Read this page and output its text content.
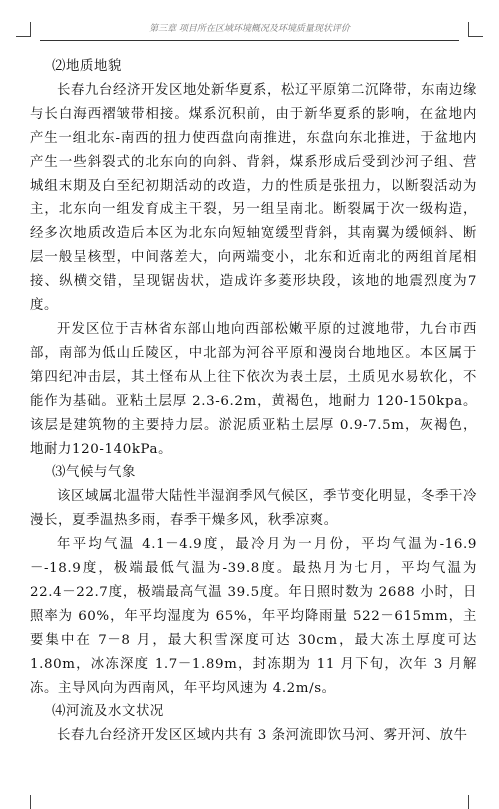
第三章 项目所在区域环境概况及环境质量现状评价

⑵地质地貌

长春九台经济开发区地处新华夏系，松辽平原第二沉降带，东南边缘与长白海西褶皱带相接。煤系沉积前，由于新华夏系的影响，在盆地内产生一组北东-南西的扭力使西盘向南推进，东盘向东北推进，于盆地内产生一些斜裂式的北东向的向斜、背斜，煤系形成后受到沙河子组、营城组末期及白至纪初期活动的改造，力的性质是张扭力，以断裂活动为主，北东向一组发育成主干裂，另一组呈南北。断裂属于次一级构造，经多次地质改造后本区为北东向短轴宽缓型背斜，其南翼为缓倾斜、断层一般呈核型，中间落差大，向两端变小，北东和近南北的两组首尾相接、纵横交错，呈现锯齿状，造成许多菱形块段，该地的地震烈度为7度。

开发区位于吉林省东部山地向西部松嫩平原的过渡地带，九台市西部，南部为低山丘陵区，中北部为河谷平原和漫岗台地地区。本区属于第四纪冲击层，其土怪布从上往下依次为表土层，土质见水易软化，不能作为基础。亚粘土层厚 2.3-6.2m，黄褐色，地耐力 120-150kpa。该层是建筑物的主要持力层。淤泥质亚粘土层厚 0.9-7.5m，灰褐色，地耐力120-140kPa。

⑶气候与气象

该区域属北温带大陆性半湿润季风气候区，季节变化明显，冬季干冷漫长，夏季温热多雨，春季干燥多风，秋季凉爽。

年平均气温 4.1－4.9度，最冷月为一月份，平均气温为-16.9－-18.9度，极端最低气温为-39.8度。最热月为七月，平均气温为 22.4－22.7度，极端最高气温 39.5度。年日照时数为 2688 小时，日照率为 60%，年平均湿度为 65%，年平均降雨量 522－615mm，主要集中在 7－8 月，最大积雪深度可达 30cm，最大冻土厚度可达 1.80m，冰冻深度 1.7－1.89m，封冻期为 11 月下旬，次年 3 月解冻。主导风向为西南风，年平均风速为 4.2m/s。

⑷河流及水文状况

长春九台经济开发区区域内共有 3 条河流即饮马河、雾开河、放牛
